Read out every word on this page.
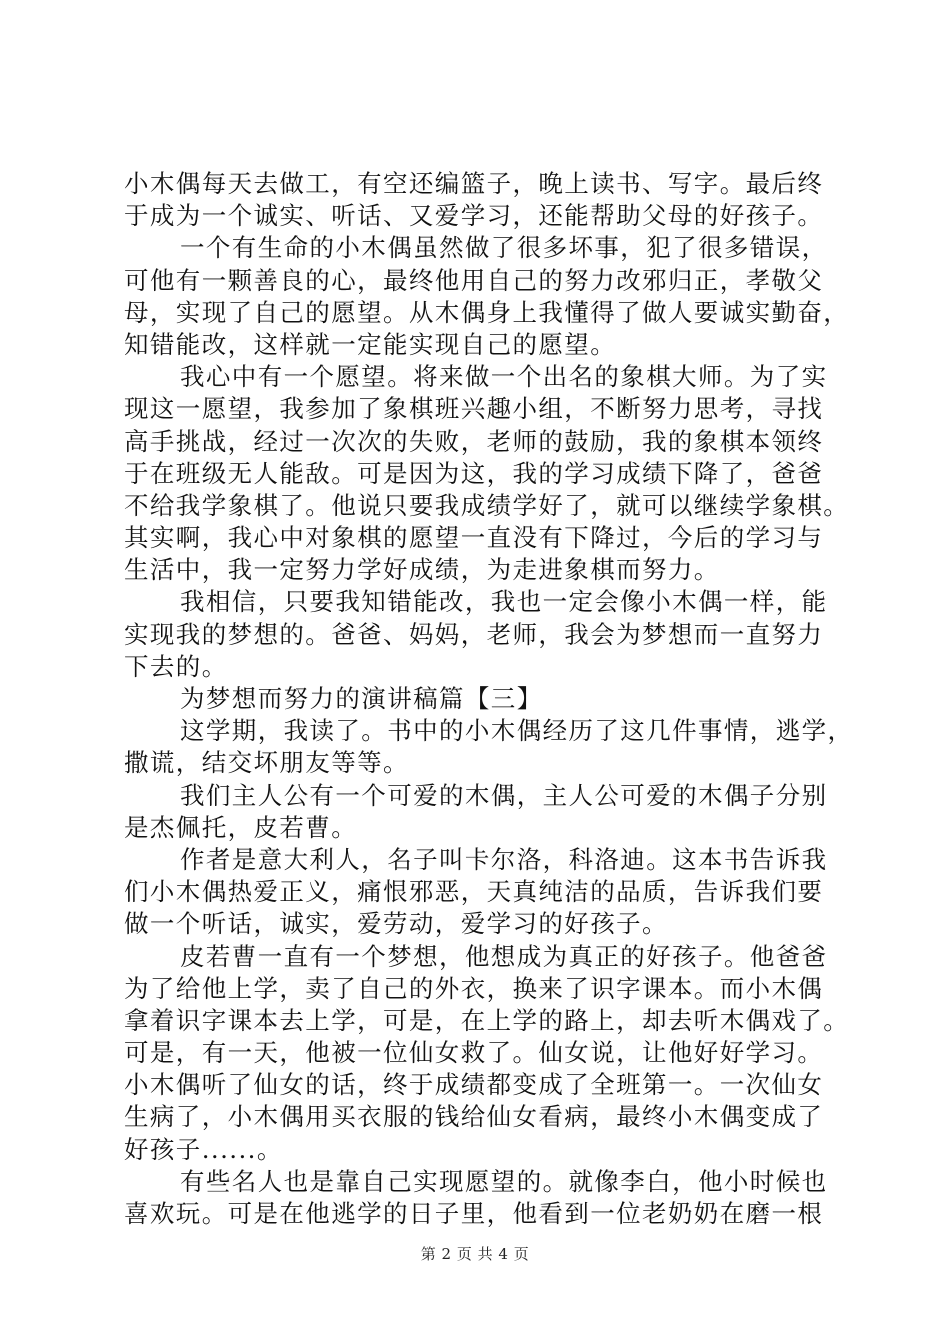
小木偶每天去做工，有空还编篮子，晚上读书、写字。最后终
于成为一个诚实、听话、又爱学习，还能帮助父母的好孩子。
一个有生命的小木偶虽然做了很多坏事，犯了很多错误，
可他有一颗善良的心，最终他用自己的努力改邪归正，孝敬父
母，实现了自己的愿望。从木偶身上我懂得了做人要诚实勤奋，
知错能改，这样就一定能实现自己的愿望。
我心中有一个愿望。将来做一个出名的象棋大师。为了实
现这一愿望，我参加了象棋班兴趣小组，不断努力思考，寻找
高手挑战，经过一次次的失败，老师的鼓励，我的象棋本领终
于在班级无人能敌。可是因为这，我的学习成绩下降了，爸爸
不给我学象棋了。他说只要我成绩学好了，就可以继续学象棋。
其实啊，我心中对象棋的愿望一直没有下降过，今后的学习与
生活中，我一定努力学好成绩，为走进象棋而努力。
我相信，只要我知错能改，我也一定会像小木偶一样，能
实现我的梦想的。爸爸、妈妈，老师，我会为梦想而一直努力
下去的。
为梦想而努力的演讲稿篇【三】
这学期，我读了。书中的小木偶经历了这几件事情，逃学，
撒谎，结交坏朋友等等。
我们主人公有一个可爱的木偶，主人公可爱的木偶子分别
是杰佩托，皮若曹。
作者是意大利人，名子叫卡尔洛，科洛迪。这本书告诉我
们小木偶热爱正义，痛恨邪恶，天真纯洁的品质，告诉我们要
做一个听话，诚实，爱劳动，爱学习的好孩子。
皮若曹一直有一个梦想，他想成为真正的好孩子。他爸爸
为了给他上学，卖了自己的外衣，换来了识字课本。而小木偶
拿着识字课本去上学，可是，在上学的路上，却去听木偶戏了。
可是，有一天，他被一位仙女救了。仙女说，让他好好学习。
小木偶听了仙女的话，终于成绩都变成了全班第一。一次仙女
生病了，小木偶用买衣服的钱给仙女看病，最终小木偶变成了
好孩子......。
有些名人也是靠自己实现愿望的。就像李白，他小时候也
喜欢玩。可是在他逃学的日子里，他看到一位老奶奶在磨一根
第 2 页 共 4 页
